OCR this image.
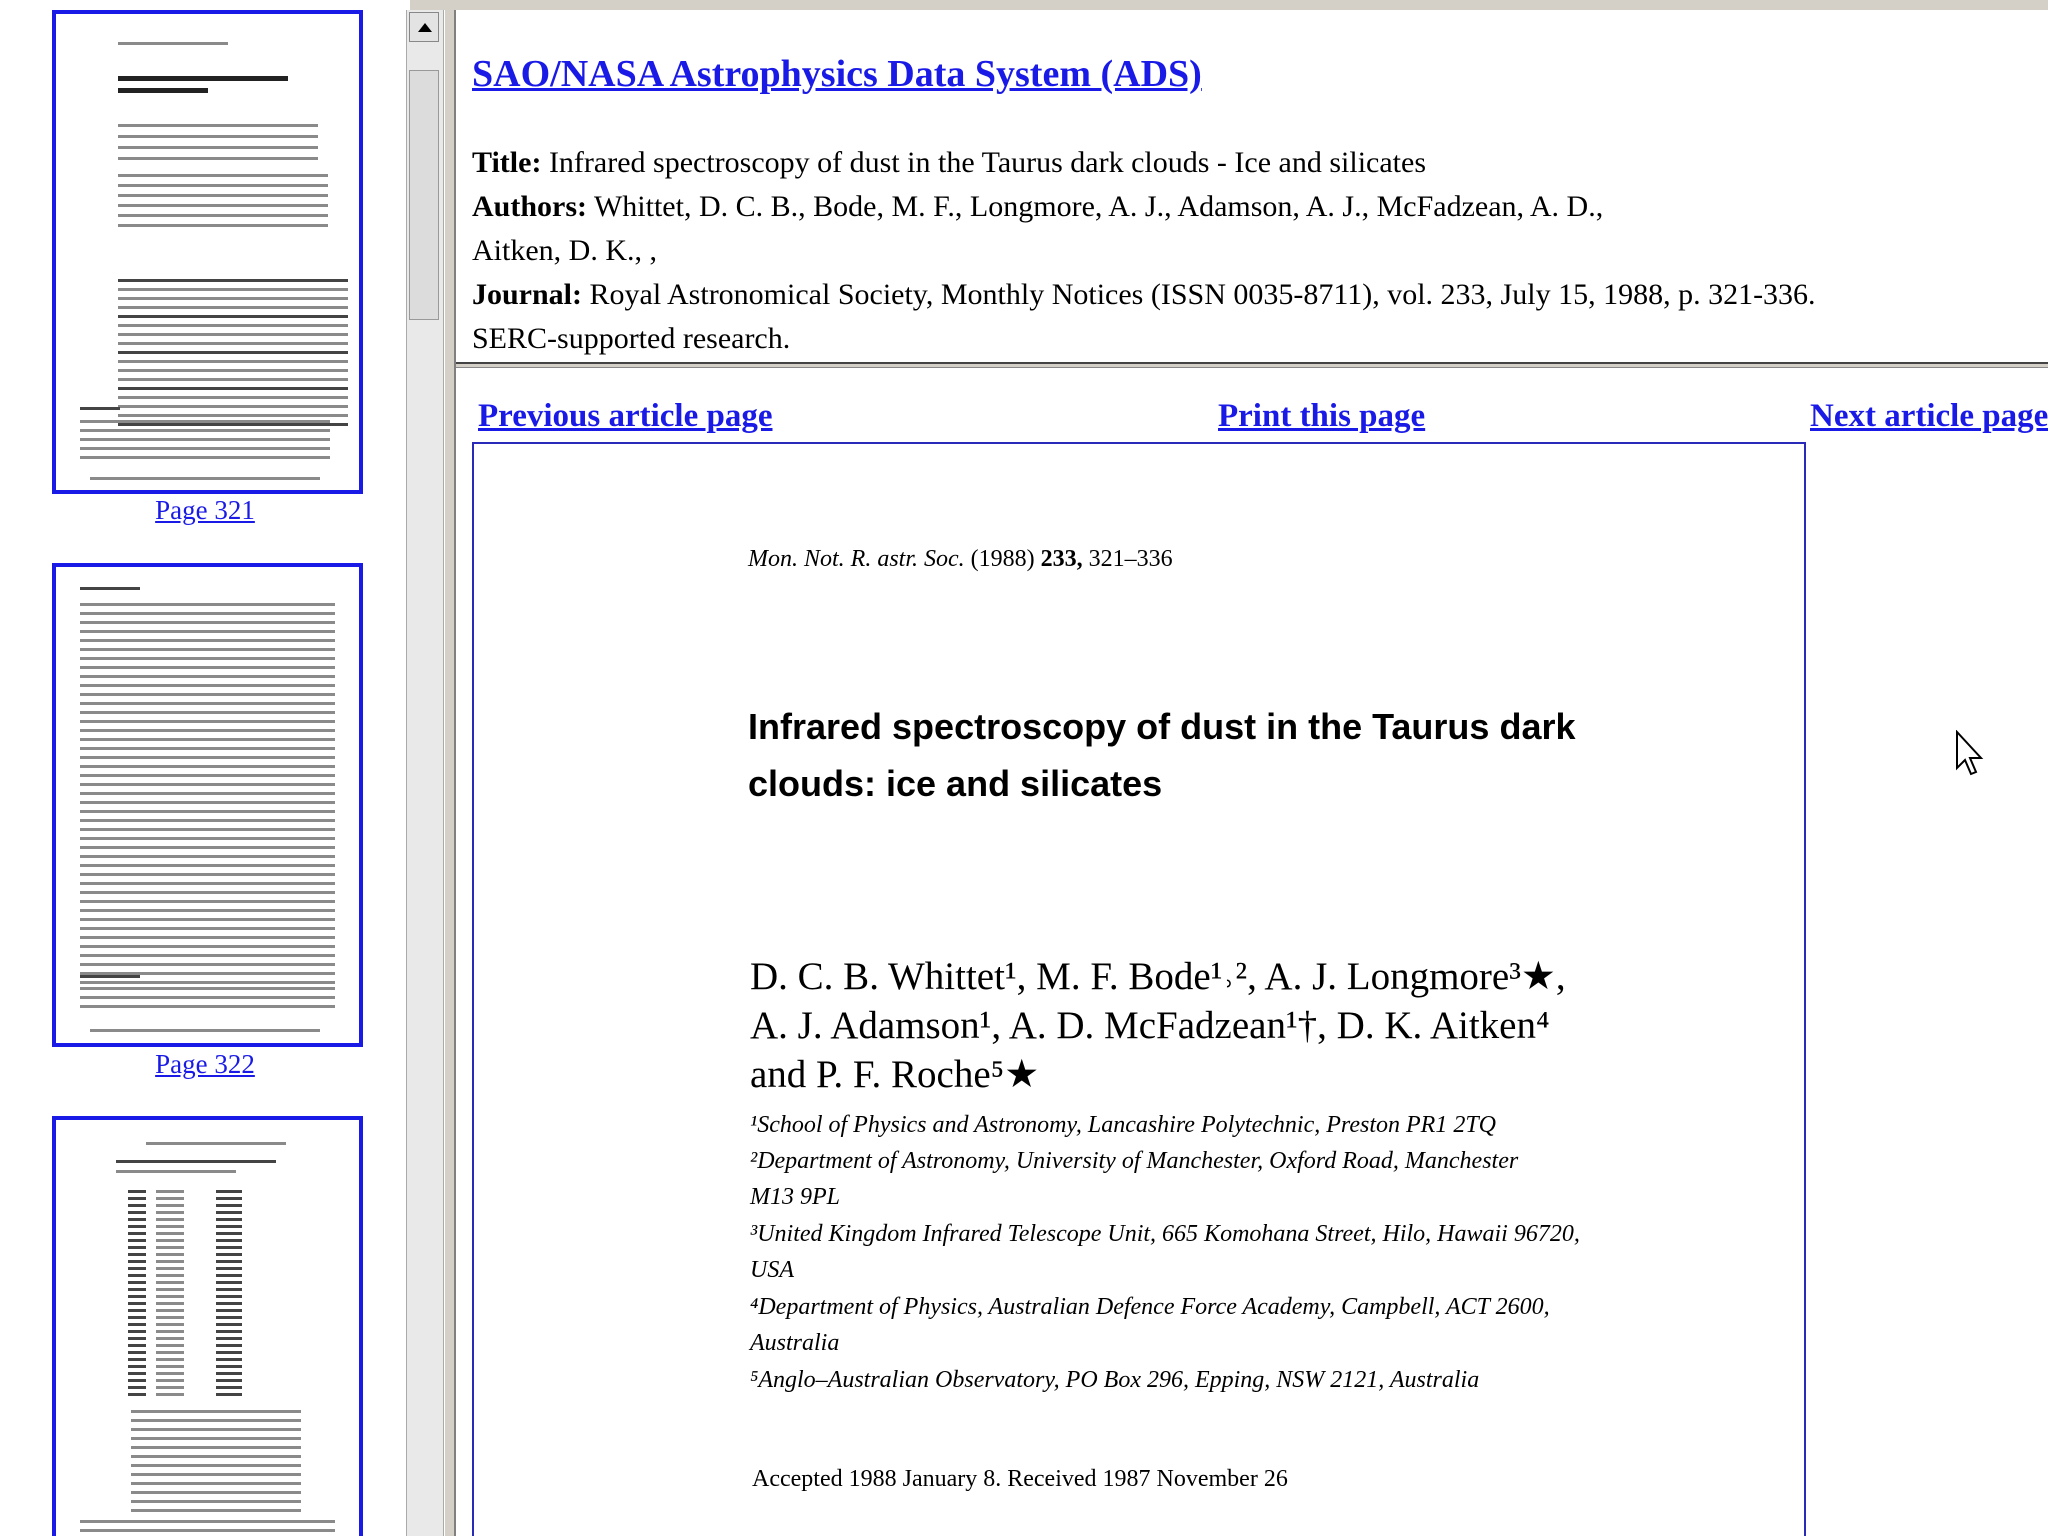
Page 321
Page 322
SAO/NASA Astrophysics Data System (ADS)
Title: Infrared spectroscopy of dust in the Taurus dark clouds - Ice and silicates
Authors: Whittet, D. C. B., Bode, M. F., Longmore, A. J., Adamson, A. J., McFadzean, A. D.,
Aitken, D. K., ,
Journal: Royal Astronomical Society, Monthly Notices (ISSN 0035-8711), vol. 233, July 15, 1988, p. 321-336.
SERC-supported research.
Previous article page	Print this page	Next article page
Mon. Not. R. astr. Soc. (1988) 233, 321–336
Infrared spectroscopy of dust in the Taurus dark
clouds: ice and silicates
D. C. B. Whittet¹, M. F. Bode¹˒², A. J. Longmore³★,
A. J. Adamson¹, A. D. McFadzean¹†, D. K. Aitken⁴
and P. F. Roche⁵★
¹School of Physics and Astronomy, Lancashire Polytechnic, Preston PR1 2TQ
²Department of Astronomy, University of Manchester, Oxford Road, Manchester
M13 9PL
³United Kingdom Infrared Telescope Unit, 665 Komohana Street, Hilo, Hawaii 96720,
USA
⁴Department of Physics, Australian Defence Force Academy, Campbell, ACT 2600,
Australia
⁵Anglo–Australian Observatory, PO Box 296, Epping, NSW 2121, Australia
Accepted 1988 January 8. Received 1987 November 26
